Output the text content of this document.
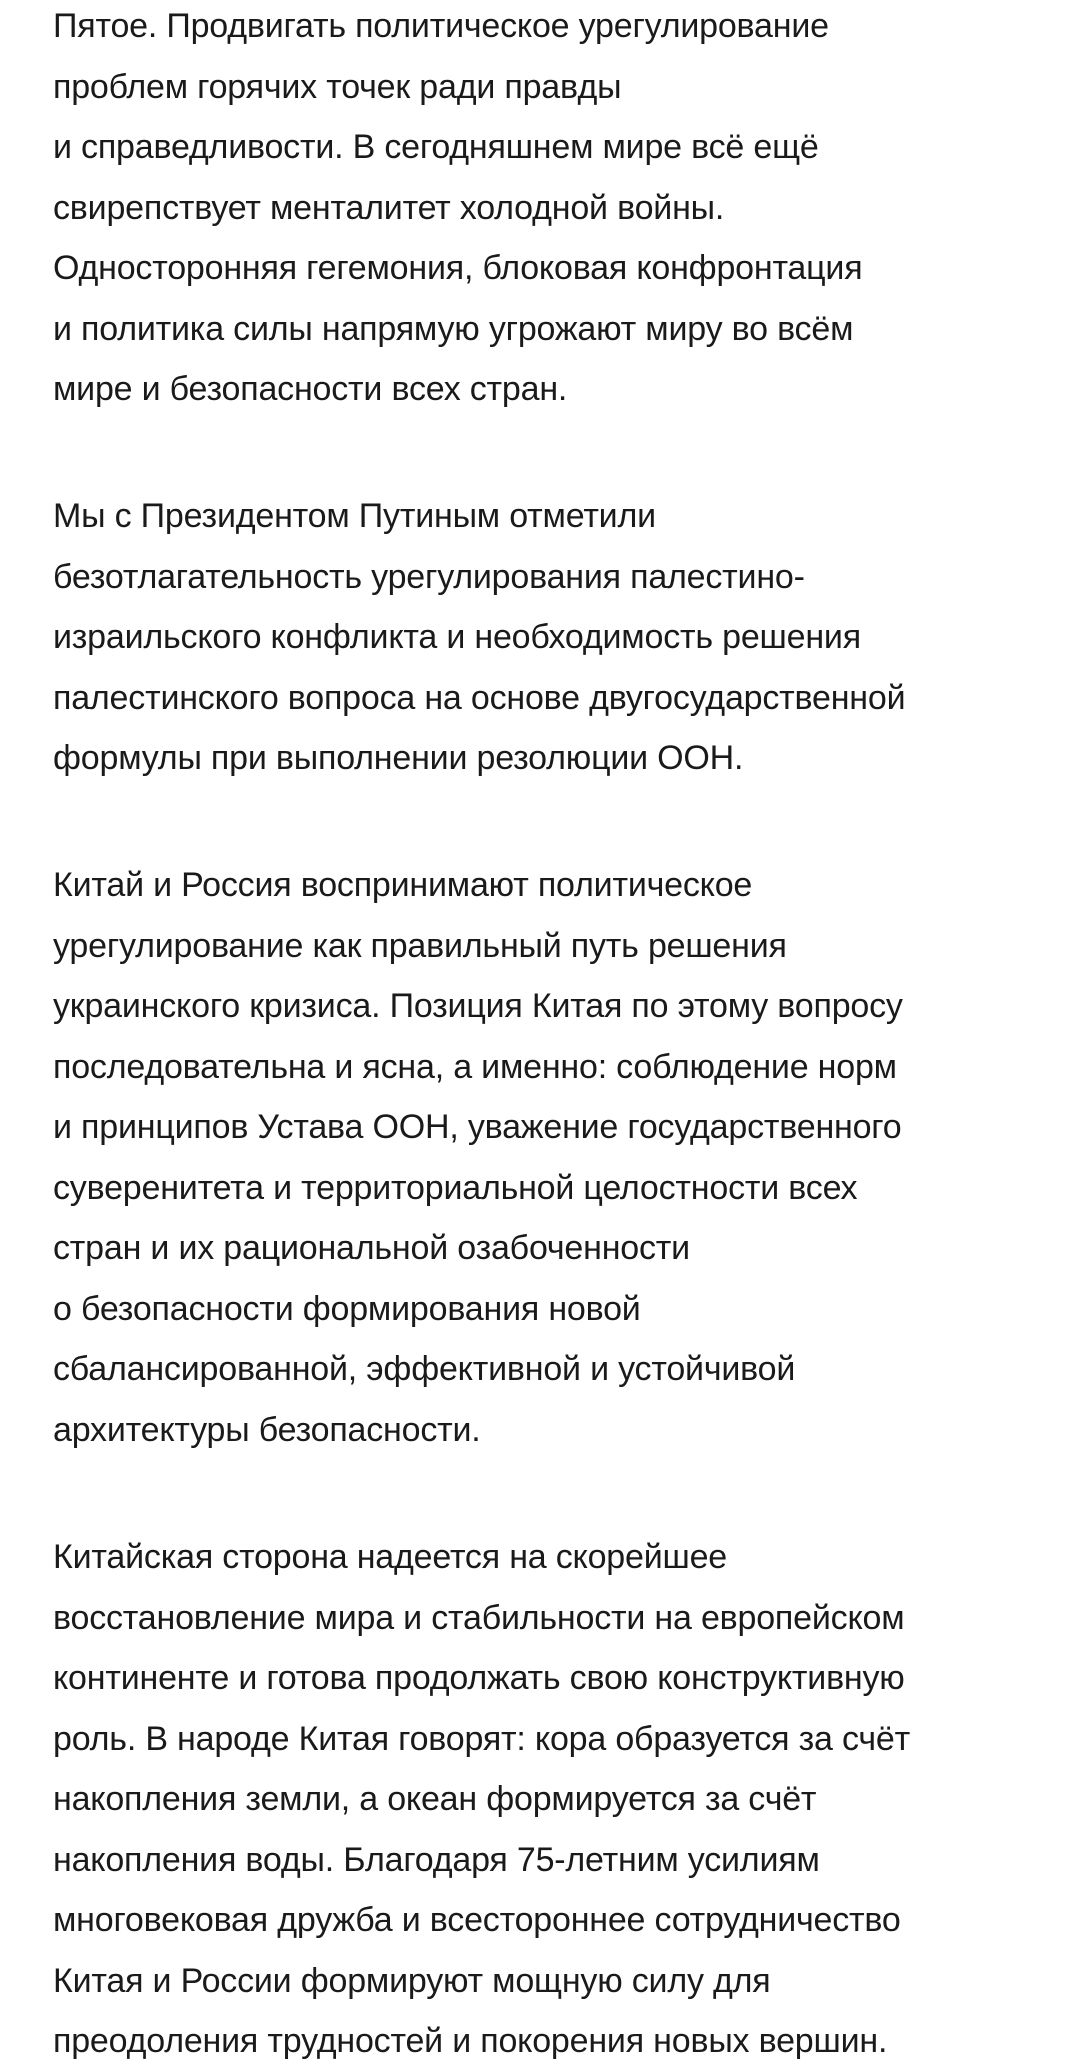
Пятое. Продвигать политическое урегулирование
проблем горячих точек ради правды
и справедливости. В сегодняшнем мире всё ещё
свирепствует менталитет холодной войны.
Односторонняя гегемония, блоковая конфронтация
и политика силы напрямую угрожают миру во всём
мире и безопасности всех стран.

Мы с Президентом Путиным отметили
безотлагательность урегулирования палестино-
израильского конфликта и необходимость решения
палестинского вопроса на основе двугосударственной
формулы при выполнении резолюции ООН.

Китай и Россия воспринимают политическое
урегулирование как правильный путь решения
украинского кризиса. Позиция Китая по этому вопросу
последовательна и ясна, а именно: соблюдение норм
и принципов Устава ООН, уважение государственного
суверенитета и территориальной целостности всех
стран и их рациональной озабоченности
о безопасности формирования новой
сбалансированной, эффективной и устойчивой
архитектуры безопасности.

Китайская сторона надеется на скорейшее
восстановление мира и стабильности на европейском
континенте и готова продолжать свою конструктивную
роль. В народе Китая говорят: кора образуется за счёт
накопления земли, а океан формируется за счёт
накопления воды. Благодаря 75-летним усилиям
многовековая дружба и всестороннее сотрудничество
Китая и России формируют мощную силу для
преодоления трудностей и покорения новых вершин.
